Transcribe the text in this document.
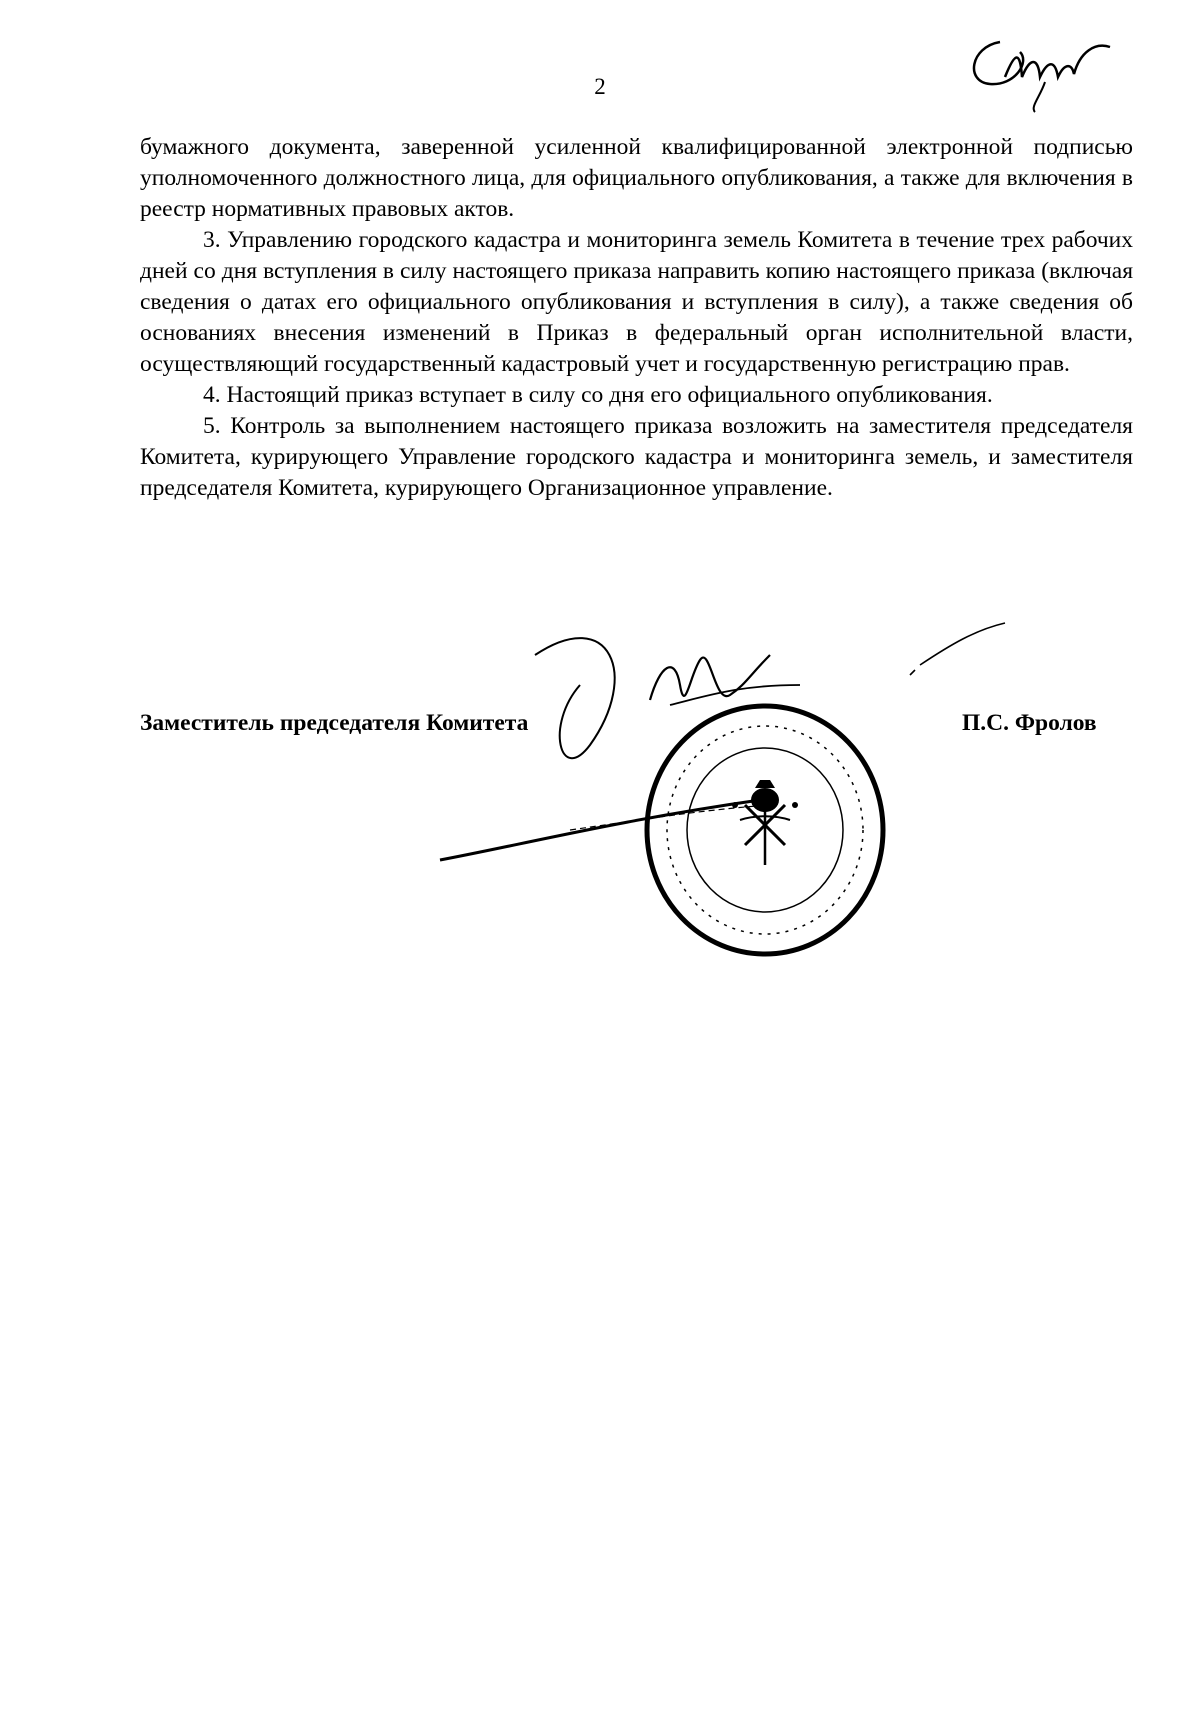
2

бумажного документа, заверенной усиленной квалифицированной электронной подписью уполномоченного должностного лица, для официального опубликования, а также для включения в реестр нормативных правовых актов.

3. Управлению городского кадастра и мониторинга земель Комитета в течение трех рабочих дней со дня вступления в силу настоящего приказа направить копию настоящего приказа (включая сведения о датах его официального опубликования и вступления в силу), а также сведения об основаниях внесения изменений в Приказ в федеральный орган исполнительной власти, осуществляющий государственный кадастровый учет и государственную регистрацию прав.

4. Настоящий приказ вступает в силу со дня его официального опубликования.

5. Контроль за выполнением настоящего приказа возложить на заместителя председателя Комитета, курирующего Управление городского кадастра и мониторинга земель, и заместителя председателя Комитета, курирующего Организационное управление.

Заместитель председателя Комитета	П.С. Фролов
